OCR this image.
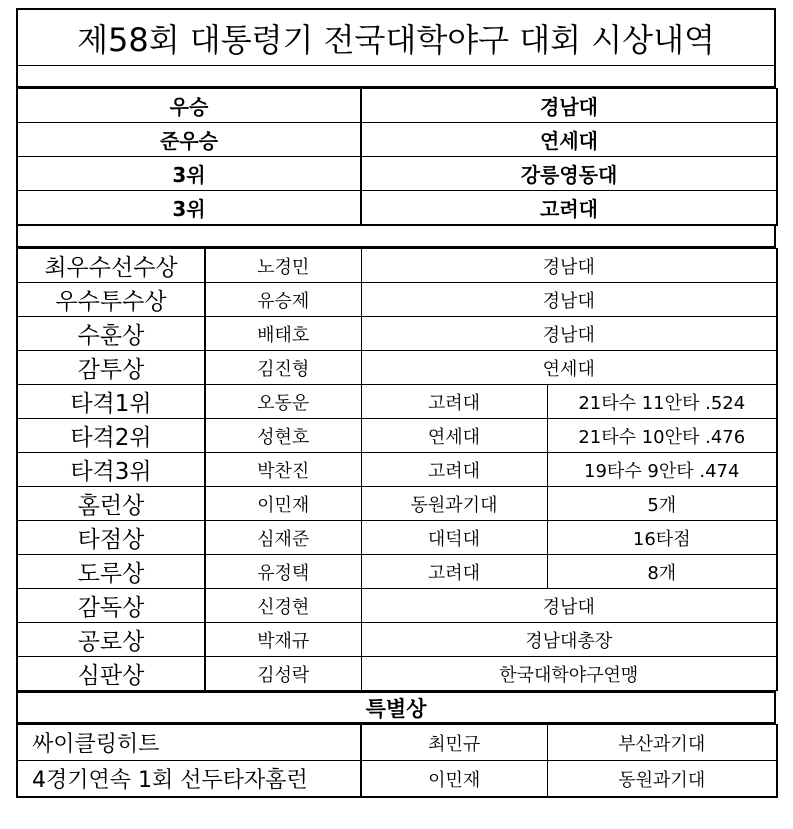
제58회 대통령기 전국대학야구 대회 시상내역
우승	경남대
준우승	연세대
3위	강릉영동대
3위	고려대
최우수선수상	노경민	경남대	
우수투수상	유승제	경남대	
수훈상	배태호	경남대	
감투상	김진형	연세대	
타격1위	오동운	고려대	21타수 11안타 .524
타격2위	성현호	연세대	21타수 10안타 .476
타격3위	박찬진	고려대	19타수 9안타 .474
홈런상	이민재	동원과기대	5개
타점상	심재준	대덕대	16타점
도루상	유정택	고려대	8개
감독상	신경현	경남대	
공로상	박재규	경남대총장	
심판상	김성락	한국대학야구연맹	
특별상
싸이클링히트	최민규	부산과기대
4경기연속 1회 선두타자홈런	이민재	동원과기대
